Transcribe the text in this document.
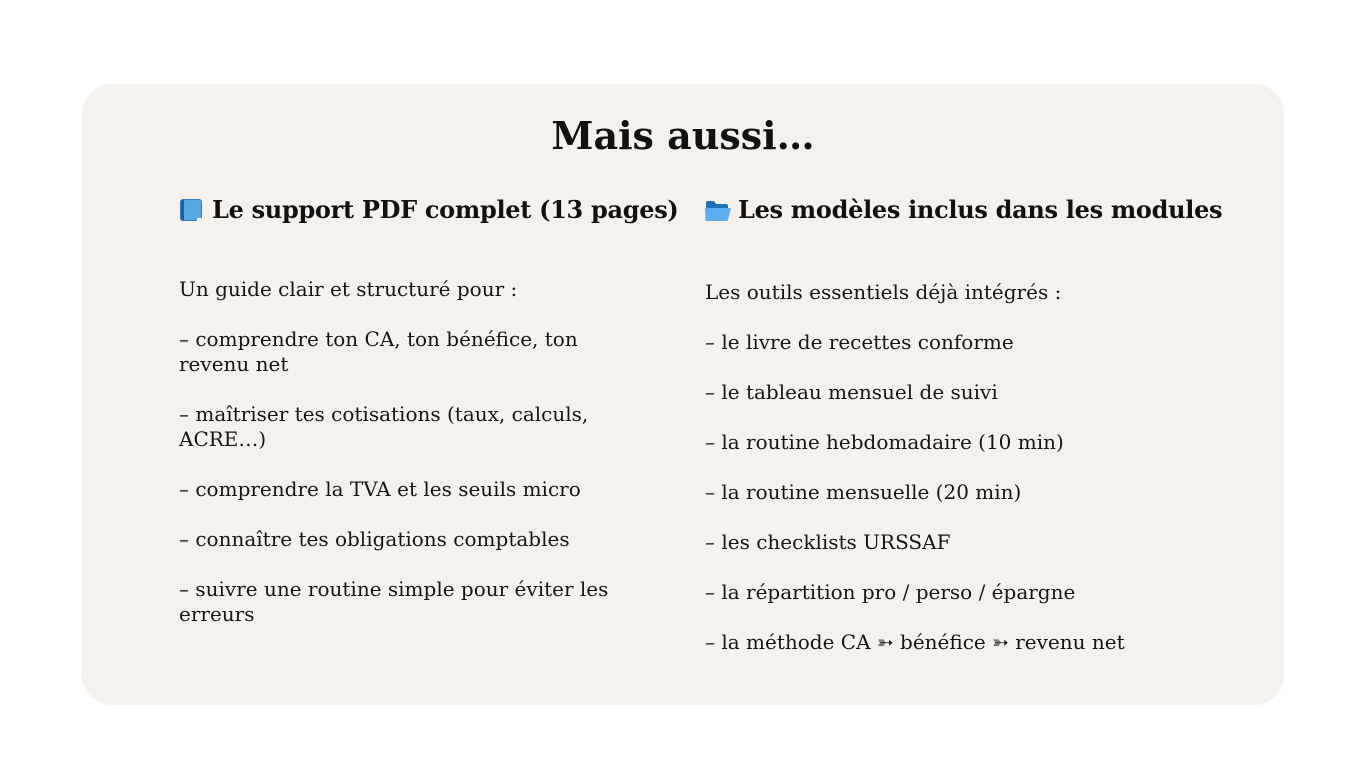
Mais aussi…
Le support PDF complet (13 pages) Les modèles inclus dans les modules

Un guide clair et structuré pour :

– comprendre ton CA, ton bénéfice, ton revenu net

– maîtriser tes cotisations (taux, calculs, ACRE…)

– comprendre la TVA et les seuils micro

– connaître tes obligations comptables

– suivre une routine simple pour éviter les erreurs

Les outils essentiels déjà intégrés :

– le livre de recettes conforme

– le tableau mensuel de suivi

– la routine hebdomadaire (10 min)

– la routine mensuelle (20 min)

– les checklists URSSAF

– la répartition pro / perso / épargne

– la méthode CA ➳ bénéfice ➳ revenu net
